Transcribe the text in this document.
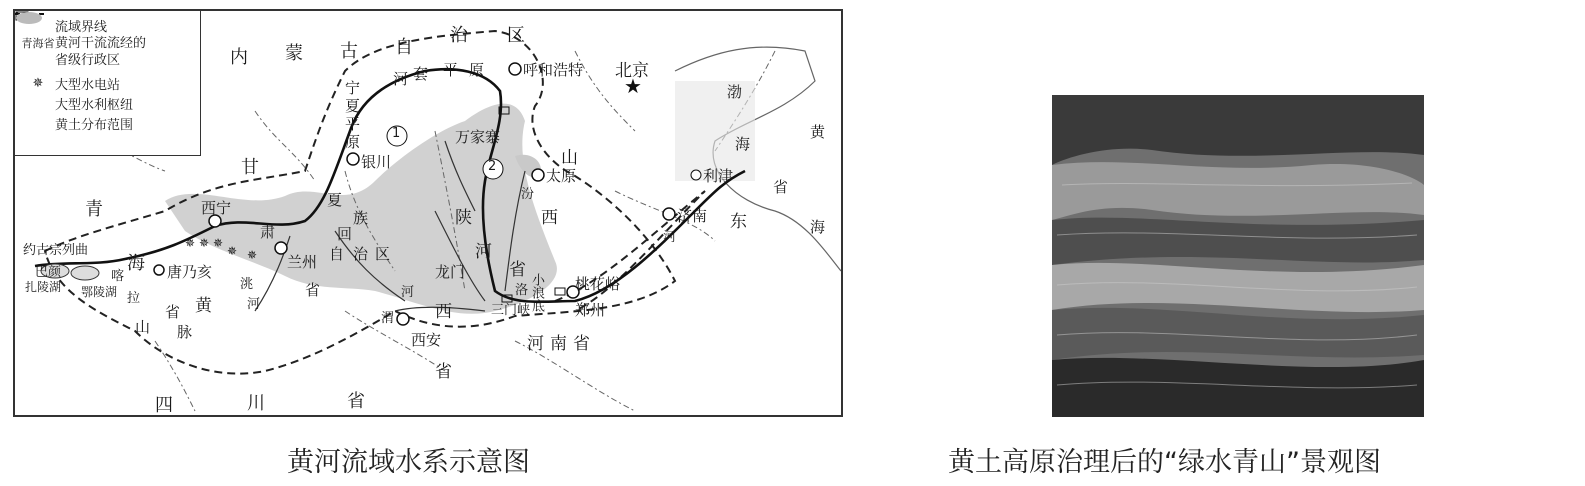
★
✵ ✵ ✵
✵ ✵
内 蒙 古 自
治 区
甘
青
海
山
省
脉
四	川	省
渤
海
黄
海
东
省
呼和浩特 北京
银川
太原
济南
兰州
西宁
西安
郑州
桃花峪
利津
唐乃亥
万家寨
龙门
小浪底
三门峡
河 套 平 原
宁
夏
平
原
夏
族
回
自 治 区
陕
西
省
山
西
省
河南省
肃
省
黄
河
洮
河
汾
河
渭
河	洛
约古宗列曲
巴颜	喀
扎陵湖 鄂陵湖 拉
1
2
流域界线
青海省 黄河干流流经的
省级行政区
✵ 大型水电站
大型水利枢纽
黄土分布范围
黄河流域水系示意图	黄土高原治理后的“绿水青山”景观图
